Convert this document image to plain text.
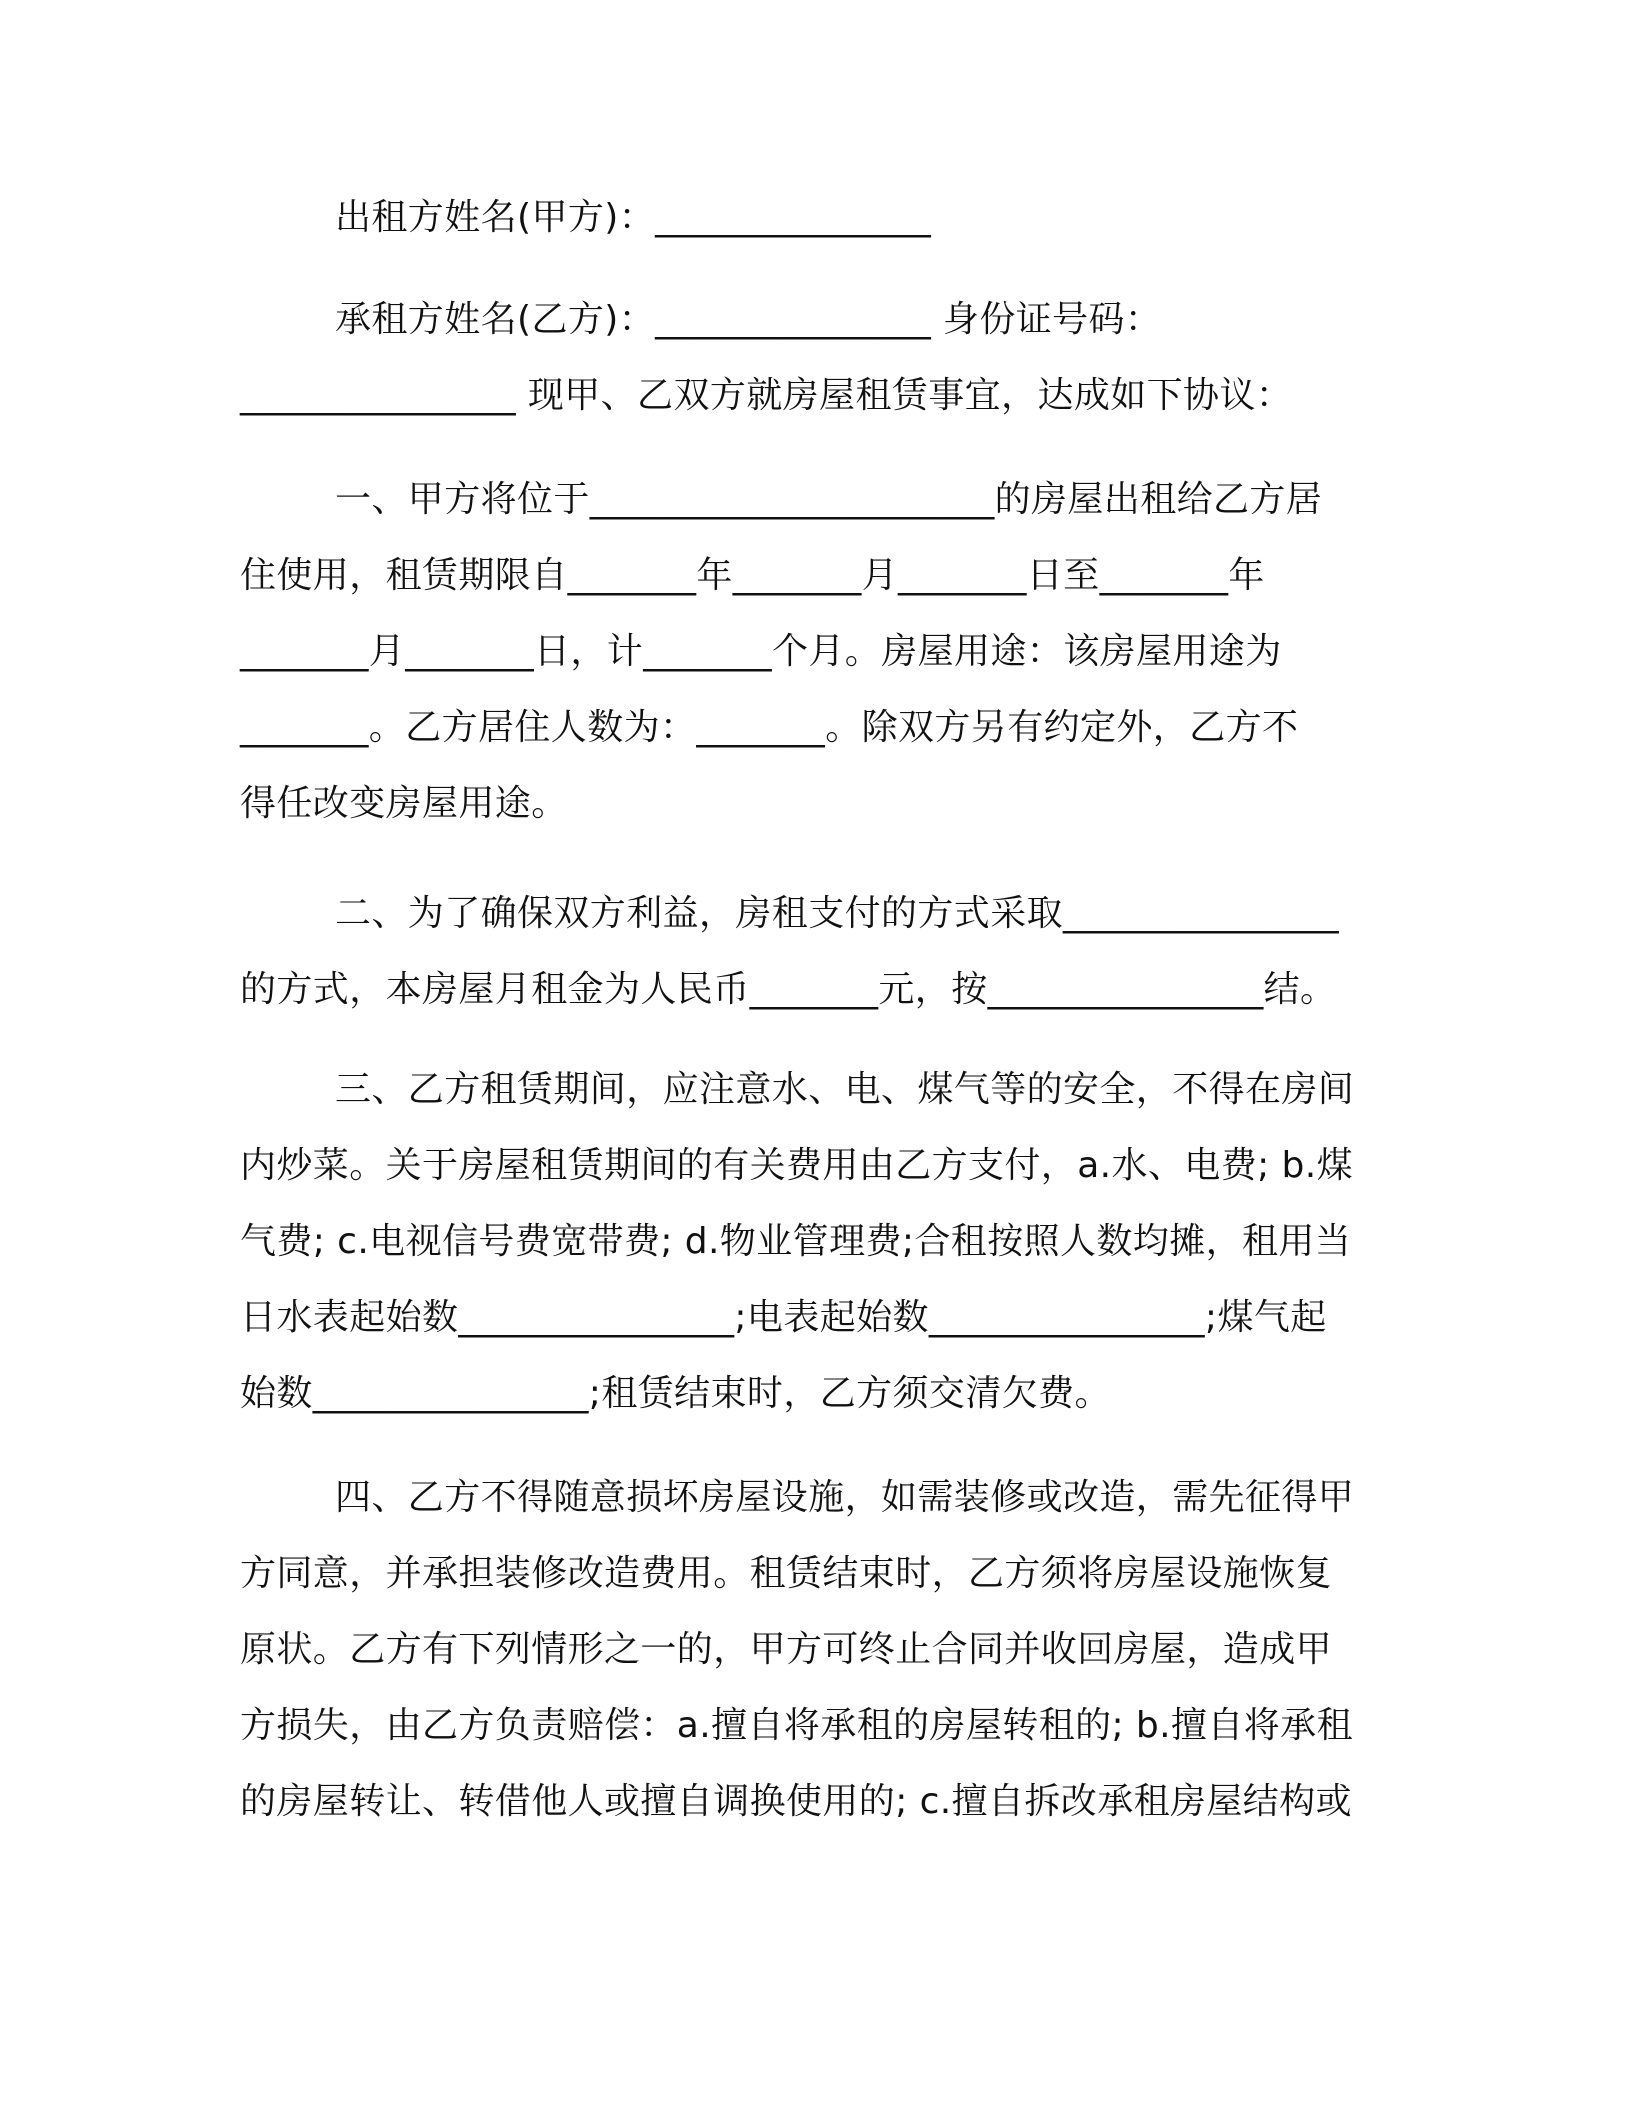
出租方姓名(甲方)：_______________
承租方姓名(乙方)：_______________ 身份证号码：
_______________ 现甲、乙双方就房屋租赁事宜，达成如下协议：
一、甲方将位于______________________的房屋出租给乙方居
住使用，租赁期限自_______年_______月_______日至_______年
_______月_______日，计_______个月。房屋用途：该房屋用途为
_______。乙方居住人数为：_______。除双方另有约定外，乙方不
得任改变房屋用途。
二、为了确保双方利益，房租支付的方式采取_______________
的方式，本房屋月租金为人民币_______元，按_______________结。
三、乙方租赁期间，应注意水、电、煤气等的安全，不得在房间
内炒菜。关于房屋租赁期间的有关费用由乙方支付，a.水、电费; b.煤
气费; c.电视信号费宽带费; d.物业管理费;合租按照人数均摊，租用当
日水表起始数_______________;电表起始数_______________;煤气起
始数_______________;租赁结束时，乙方须交清欠费。
四、乙方不得随意损坏房屋设施，如需装修或改造，需先征得甲
方同意，并承担装修改造费用。租赁结束时，乙方须将房屋设施恢复
原状。乙方有下列情形之一的，甲方可终止合同并收回房屋，造成甲
方损失，由乙方负责赔偿：a.擅自将承租的房屋转租的; b.擅自将承租
的房屋转让、转借他人或擅自调换使用的; c.擅自拆改承租房屋结构或
